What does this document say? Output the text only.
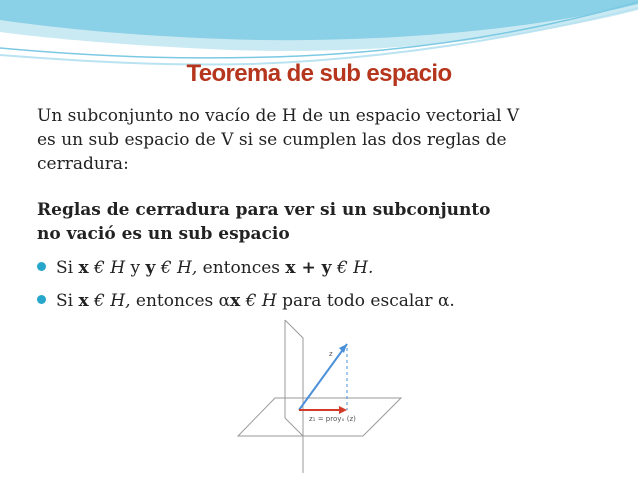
Teorema de sub espacio
Un subconjunto no vacío de H de un espacio vectorial V
es un sub espacio de V si se cumplen las dos reglas de
cerradura:
Reglas de cerradura para ver si un subconjunto
no vació es un sub espacio
Si x € H y y € H, entonces x + y € H.
Si x € H, entonces αx € H para todo escalar α.
z
z₁ = proyₓ (z)
